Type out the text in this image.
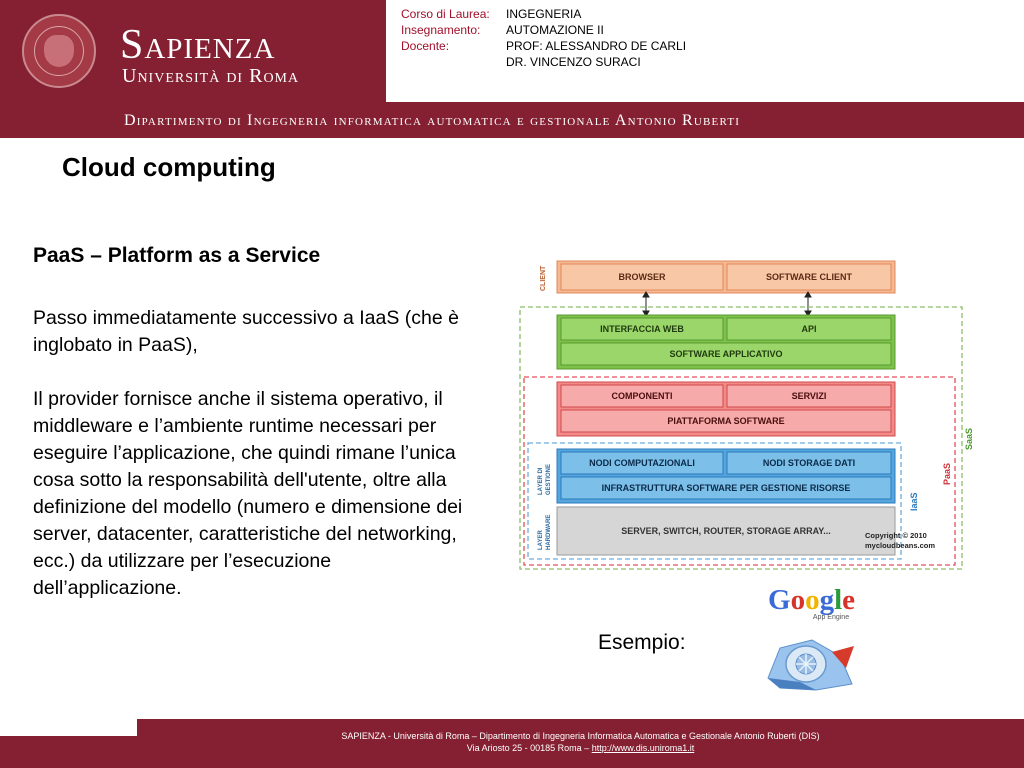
Sapienza
Università di Roma
Corso di Laurea:	INGEGNERIA
Insegnamento:	AUTOMAZIONE II
Docente:	PROF: ALESSANDRO DE CARLI
DR. VINCENZO SURACI
Dipartimento di Ingegneria informatica automatica e gestionale Antonio Ruberti
Cloud computing
PaaS – Platform as a Service

Passo immediatamente successivo a IaaS (che è inglobato in PaaS),

Il provider fornisce anche il sistema operativo, il middleware e l’ambiente runtime necessari per eseguire l’applicazione, che quindi rimane l’unica cosa sotto la responsabilità dell'utente, oltre alla definizione del modello (numero e dimensione dei server, datacenter, caratteristiche del networking, ecc.) da utilizzare per l’esecuzione dell’applicazione.

CLIENT	BROWSER	SOFTWARE CLIENT
SaaS
INTERFACCIA WEB	API
SOFTWARE APPLICATIVO
PaaS
COMPONENTI	SERVIZI
PIATTAFORMA SOFTWARE
IaaS
LAYER DI GESTIONE
LAYER HARDWARE
NODI COMPUTAZIONALI	NODI STORAGE DATI
INFRASTRUTTURA SOFTWARE PER GESTIONE RISORSE
SERVER, SWITCH, ROUTER, STORAGE ARRAY...	Copyright © 2010
mycloudbeans.com
Google
App Engine
Esempio:
SAPIENZA - Università di Roma – Dipartimento di Ingegneria Informatica Automatica e Gestionale Antonio Ruberti (DIS)
Via Ariosto 25 - 00185 Roma – http://www.dis.uniroma1.it
